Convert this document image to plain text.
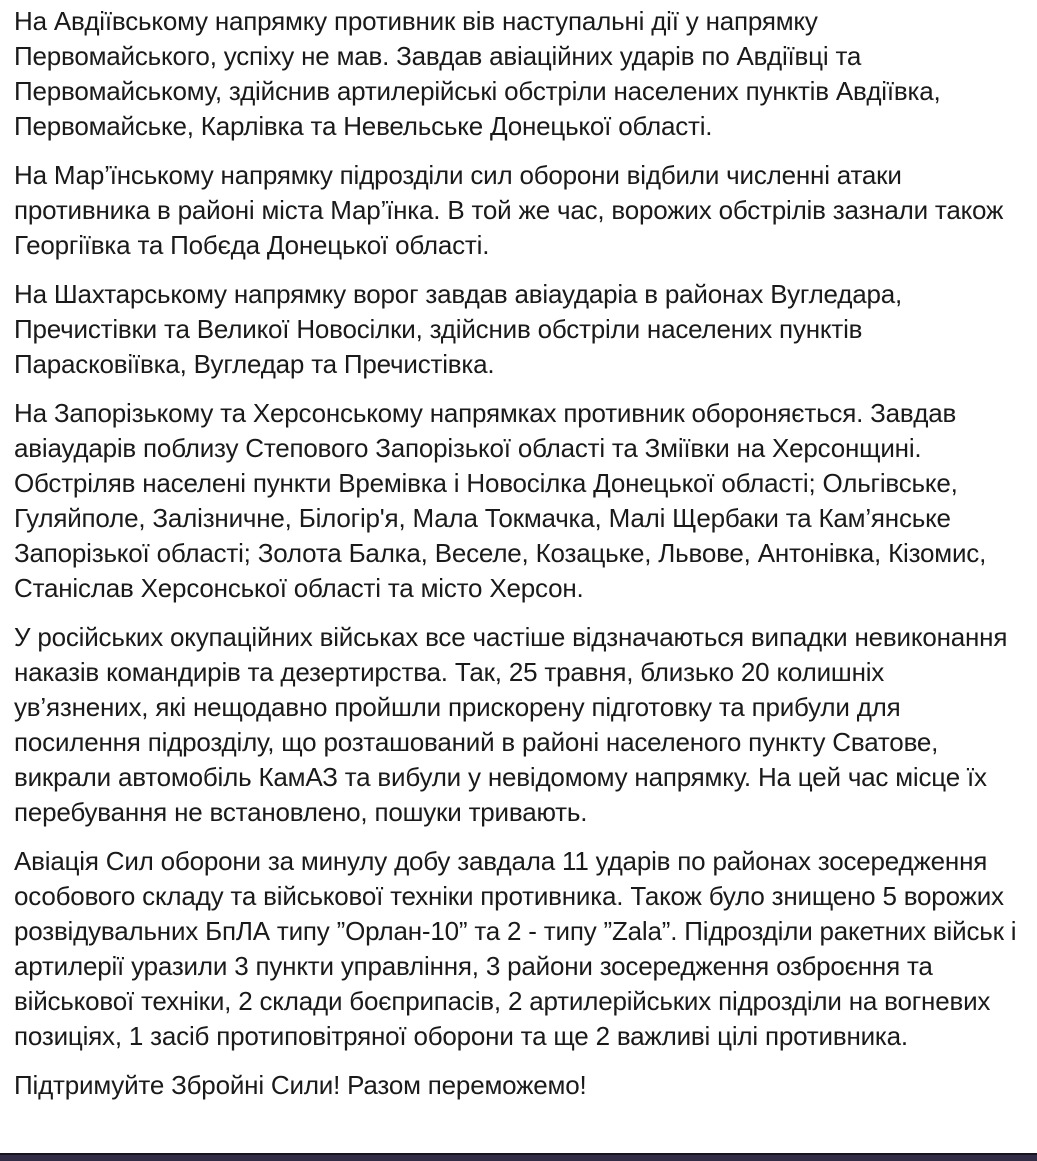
На Авдіївському напрямку противник вів наступальні дії у напрямку Первомайського, успіху не мав. Завдав авіаційних ударів по Авдіївці та Первомайському, здійснив артилерійські обстріли населених пунктів Авдіївка, Первомайське, Карлівка та Невельське Донецької області.

На Мар’їнському напрямку підрозділи сил оборони відбили численні атаки противника в районі міста Мар’їнка. В той же час, ворожих обстрілів зазнали також Георгіївка та Побєда Донецької області.

На Шахтарському напрямку ворог завдав авіаударіа в районах Вугледара, Пречистівки та Великої Новосілки, здійснив обстріли населених пунктів Парасковіївка, Вугледар та Пречистівка.

На Запорізькому та Херсонському напрямках противник обороняється. Завдав авіаударів поблизу Степового Запорізької області та Зміївки на Херсонщині. Обстріляв населені пункти Времівка і Новосілка Донецької області; Ольгівське, Гуляйполе, Залізничне, Білогір'я, Мала Токмачка, Малі Щербаки та Кам’янське Запорізької області; Золота Балка, Веселе, Козацьке, Львове, Антонівка, Кізомис, Станіслав Херсонської області та місто Херсон.

У російських окупаційних військах все частіше відзначаються випадки невиконання наказів командирів та дезертирства. Так, 25 травня, близько 20 колишніх ув’язнених, які нещодавно пройшли прискорену підготовку та прибули для посилення підрозділу, що розташований в районі населеного пункту Сватове, викрали автомобіль КамАЗ та вибули у невідомому напрямку. На цей час місце їх перебування не встановлено, пошуки тривають.

Авіація Сил оборони за минулу добу завдала 11 ударів по районах зосередження особового складу та військової техніки противника. Також було знищено 5 ворожих розвідувальних БпЛА типу ”Орлан-10” та 2 - типу ”Zala”. Підрозділи ракетних військ і артилерії уразили 3 пункти управління, 3 райони зосередження озброєння та військової техніки, 2 склади боєприпасів, 2 артилерійських підрозділи на вогневих позиціях, 1 засіб протиповітряної оборони та ще 2 важливі цілі противника.

Підтримуйте Збройні Сили! Разом переможемо!
